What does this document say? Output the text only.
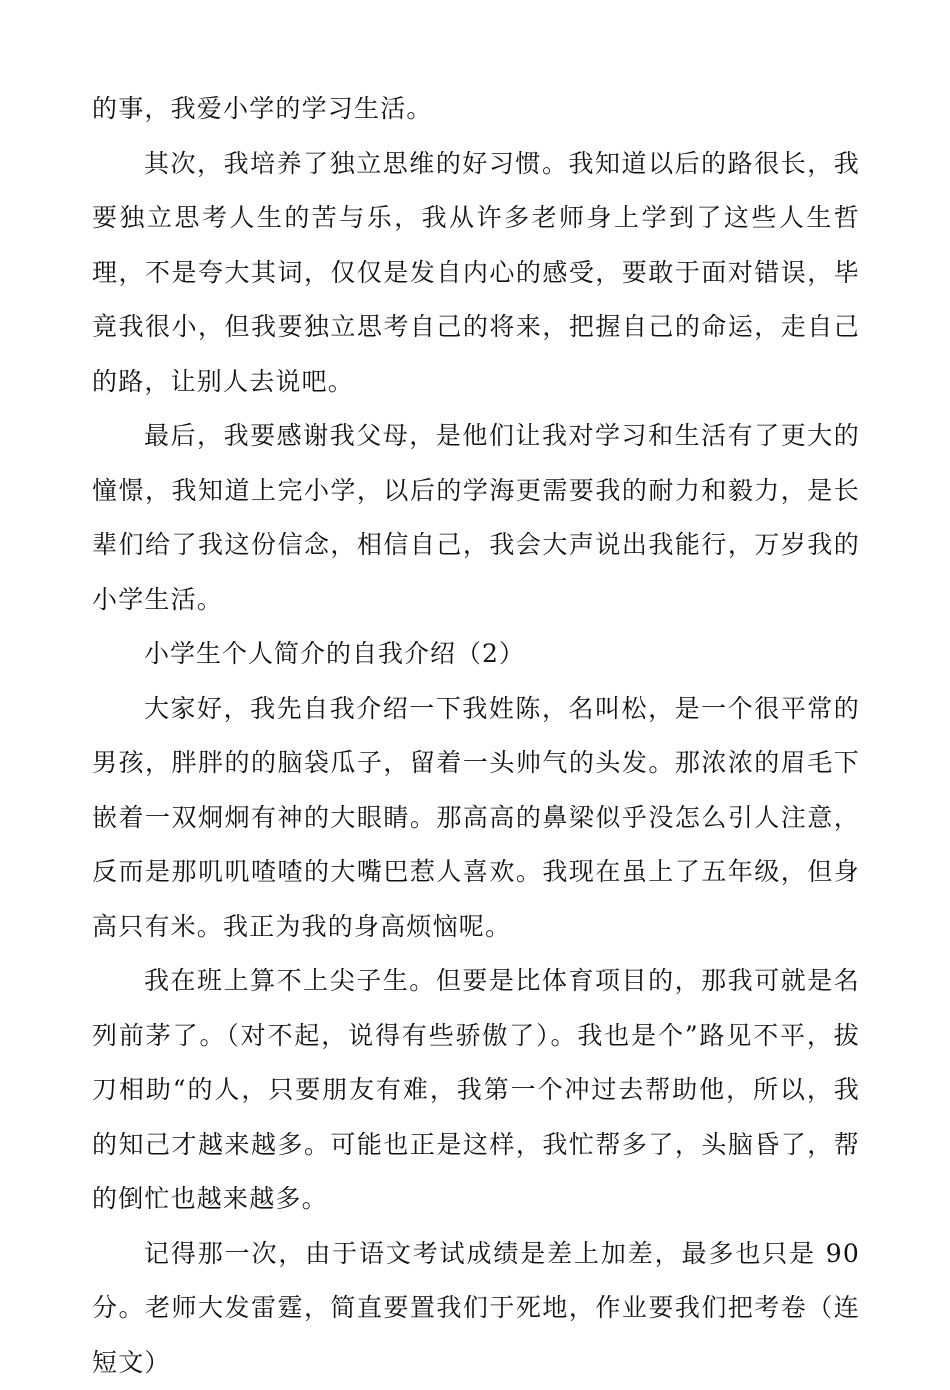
的事，我爱小学的学习生活。

其次，我培养了独立思维的好习惯。我知道以后的路很长，我要独立思考人生的苦与乐，我从许多老师身上学到了这些人生哲理，不是夸大其词，仅仅是发自内心的感受，要敢于面对错误，毕竟我很小，但我要独立思考自己的将来，把握自己的命运，走自己的路，让别人去说吧。

最后，我要感谢我父母，是他们让我对学习和生活有了更大的憧憬，我知道上完小学，以后的学海更需要我的耐力和毅力，是长辈们给了我这份信念，相信自己，我会大声说出我能行，万岁我的小学生活。

小学生个人简介的自我介绍（2）

大家好，我先自我介绍一下我姓陈，名叫松，是一个很平常的男孩，胖胖的的脑袋瓜子，留着一头帅气的头发。那浓浓的眉毛下嵌着一双炯炯有神的大眼睛。那高高的鼻梁似乎没怎么引人注意，反而是那叽叽喳喳的大嘴巴惹人喜欢。我现在虽上了五年级，但身高只有米。我正为我的身高烦恼呢。

我在班上算不上尖子生。但要是比体育项目的，那我可就是名列前茅了。（对不起，说得有些骄傲了）。我也是个”路见不平，拔刀相助“的人，只要朋友有难，我第一个冲过去帮助他，所以，我的知己才越来越多。可能也正是这样，我忙帮多了，头脑昏了，帮的倒忙也越来越多。

记得那一次，由于语文考试成绩是差上加差，最多也只是 90 分。老师大发雷霆，简直要置我们于死地，作业要我们把考卷（连短文）
